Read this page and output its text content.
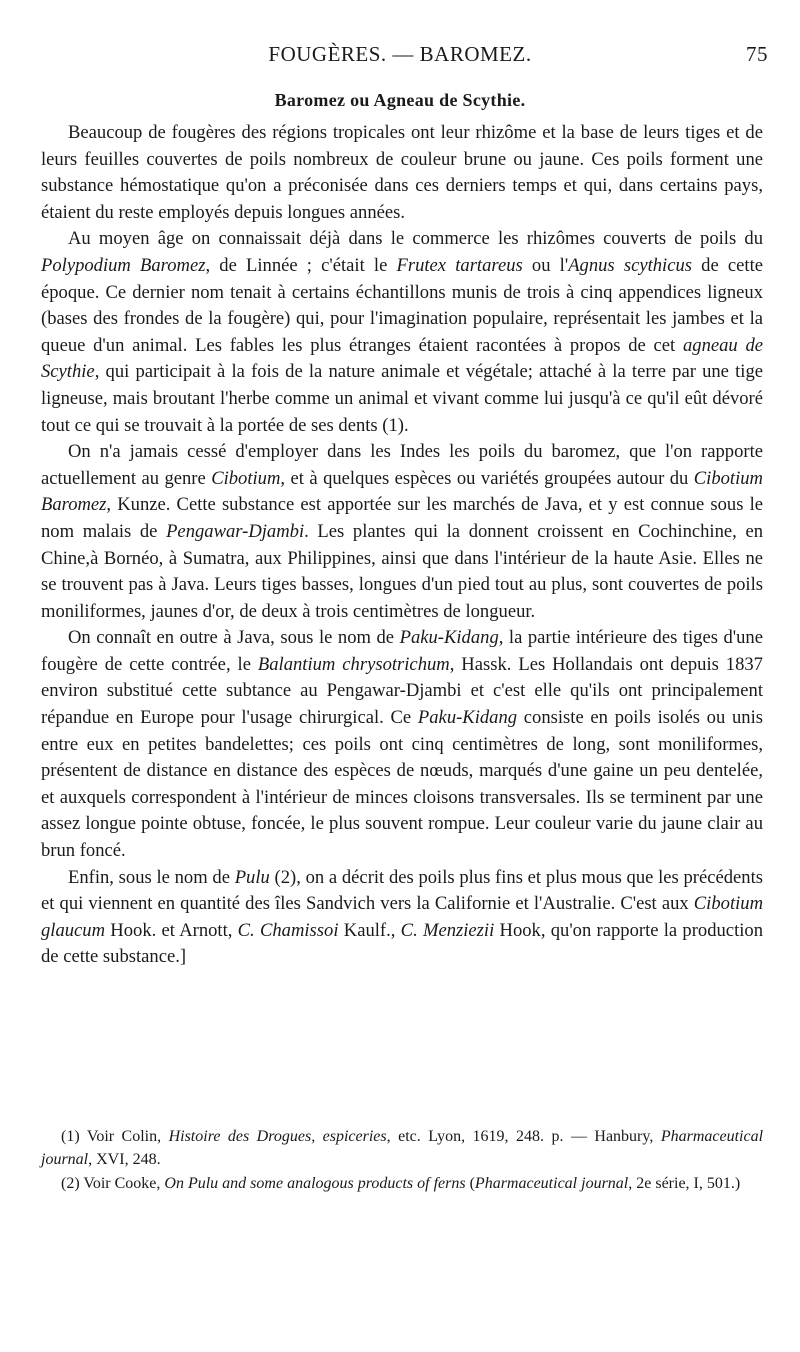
FOUGÈRES. — BAROMEZ.	75
Baromez ou Agneau de Scythie.

Beaucoup de fougères des régions tropicales ont leur rhizôme et la base de leurs tiges et de leurs feuilles couvertes de poils nombreux de couleur brune ou jaune. Ces poils forment une substance hémostatique qu'on a préconisée dans ces derniers temps et qui, dans certains pays, étaient du reste employés depuis longues années.

Au moyen âge on connaissait déjà dans le commerce les rhizômes couverts de poils du Polypodium Baromez, de Linnée ; c'était le Frutex tartareus ou l'Agnus scythicus de cette époque. Ce dernier nom tenait à certains échantillons munis de trois à cinq appendices ligneux (bases des frondes de la fougère) qui, pour l'imagination populaire, représentait les jambes et la queue d'un animal. Les fables les plus étranges étaient racontées à propos de cet agneau de Scythie, qui participait à la fois de la nature animale et végétale; attaché à la terre par une tige ligneuse, mais broutant l'herbe comme un animal et vivant comme lui jusqu'à ce qu'il eût dévoré tout ce qui se trouvait à la portée de ses dents (1).

On n'a jamais cessé d'employer dans les Indes les poils du baromez, que l'on rapporte actuellement au genre Cibotium, et à quelques espèces ou variétés groupées autour du Cibotium Baromez, Kunze. Cette substance est apportée sur les marchés de Java, et y est connue sous le nom malais de Pengawar-Djambi. Les plantes qui la donnent croissent en Cochinchine, en Chine,à Bornéo, à Sumatra, aux Philippines, ainsi que dans l'intérieur de la haute Asie. Elles ne se trouvent pas à Java. Leurs tiges basses, longues d'un pied tout au plus, sont couvertes de poils moniliformes, jaunes d'or, de deux à trois centimètres de longueur.

On connaît en outre à Java, sous le nom de Paku-Kidang, la partie intérieure des tiges d'une fougère de cette contrée, le Balantium chrysotrichum, Hassk. Les Hollandais ont depuis 1837 environ substitué cette subtance au Pengawar-Djambi et c'est elle qu'ils ont principalement répandue en Europe pour l'usage chirurgical. Ce Paku-Kidang consiste en poils isolés ou unis entre eux en petites bandelettes; ces poils ont cinq centimètres de long, sont moniliformes, présentent de distance en distance des espèces de nœuds, marqués d'une gaine un peu dentelée, et auxquels correspondent à l'intérieur de minces cloisons transversales. Ils se terminent par une assez longue pointe obtuse, foncée, le plus souvent rompue. Leur couleur varie du jaune clair au brun foncé.

Enfin, sous le nom de Pulu (2), on a décrit des poils plus fins et plus mous que les précédents et qui viennent en quantité des îles Sandvich vers la Californie et l'Australie. C'est aux Cibotium glaucum Hook. et Arnott, C. Chamissoi Kaulf., C. Menziezii Hook, qu'on rapporte la production de cette substance.]

(1) Voir Colin, Histoire des Drogues, espiceries, etc. Lyon, 1619, 248. p. — Hanbury, Pharmaceutical journal, XVI, 248.

(2) Voir Cooke, On Pulu and some analogous products of ferns (Pharmaceutical journal, 2e série, I, 501.)
